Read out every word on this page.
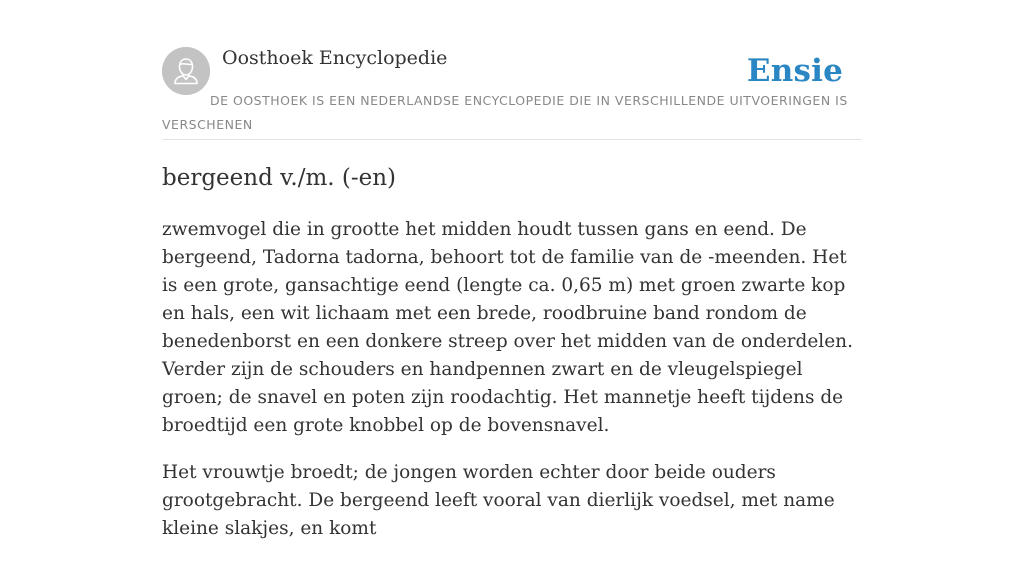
Oosthoek Encyclopedie	Ensie

DE OOSTHOEK IS EEN NEDERLANDSE ENCYCLOPEDIE DIE IN VERSCHILLENDE UITVOERINGEN IS VERSCHENEN

bergeend v./m. (-en)

zwemvogel die in grootte het midden houdt tussen gans en eend. De bergeend, Tadorna tadorna, behoort tot de familie van de -meenden. Het is een grote, gansachtige eend (lengte ca. 0,65 m) met groen zwarte kop en hals, een wit lichaam met een brede, roodbruine band rondom de benedenborst en een donkere streep over het midden van de onderdelen. Verder zijn de schouders en handpennen zwart en de vleugelspiegel groen; de snavel en poten zijn roodachtig. Het mannetje heeft tijdens de broedtijd een grote knobbel op de bovensnavel.

Het vrouwtje broedt; de jongen worden echter door beide ouders grootgebracht. De bergeend leeft vooral van dierlijk voedsel, met name kleine slakjes, en komt
